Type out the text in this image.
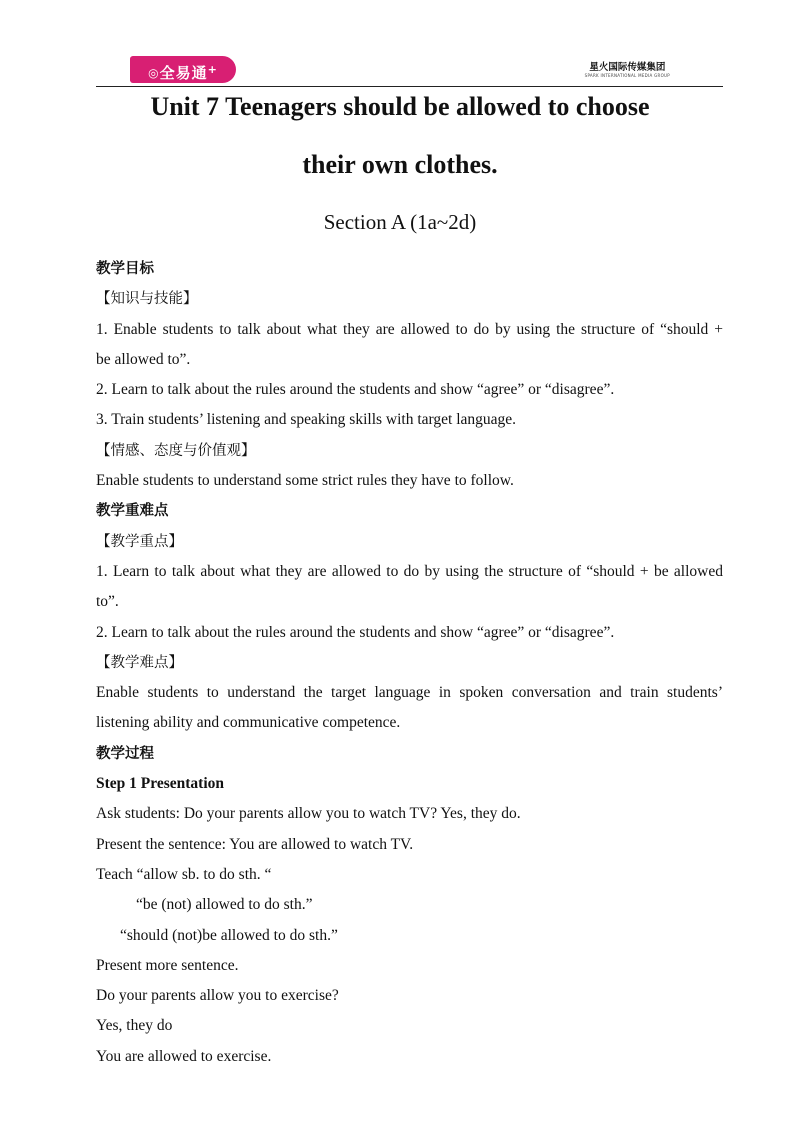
◎全易通+	星火国际传媒集团
SPARK INTERNATIONAL MEDIA GROUP
Unit 7 Teenagers should be allowed to choose
their own clothes.
Section A (1a~2d)
教学目标
【知识与技能】
1. Enable students to talk about what they are allowed to do by using the structure of “should +
be allowed to”.
2. Learn to talk about the rules around the students and show “agree” or “disagree”.
3. Train students’ listening and speaking skills with target language.
【情感、态度与价值观】
Enable students to understand some strict rules they have to follow.
教学重难点
【教学重点】
1. Learn to talk about what they are allowed to do by using the structure of “should + be allowed
to”.
2. Learn to talk about the rules around the students and show “agree” or “disagree”.
【教学难点】
Enable students to understand the target language in spoken conversation and train students’
listening ability and communicative competence.
教学过程
Step 1 Presentation
Ask students: Do your parents allow you to watch TV? Yes, they do.
Present the sentence: You are allowed to watch TV.
Teach “allow sb. to do sth. “
“be (not) allowed to do sth.”
“should (not)be allowed to do sth.”
Present more sentence.
Do your parents allow you to exercise?
Yes, they do
You are allowed to exercise.
